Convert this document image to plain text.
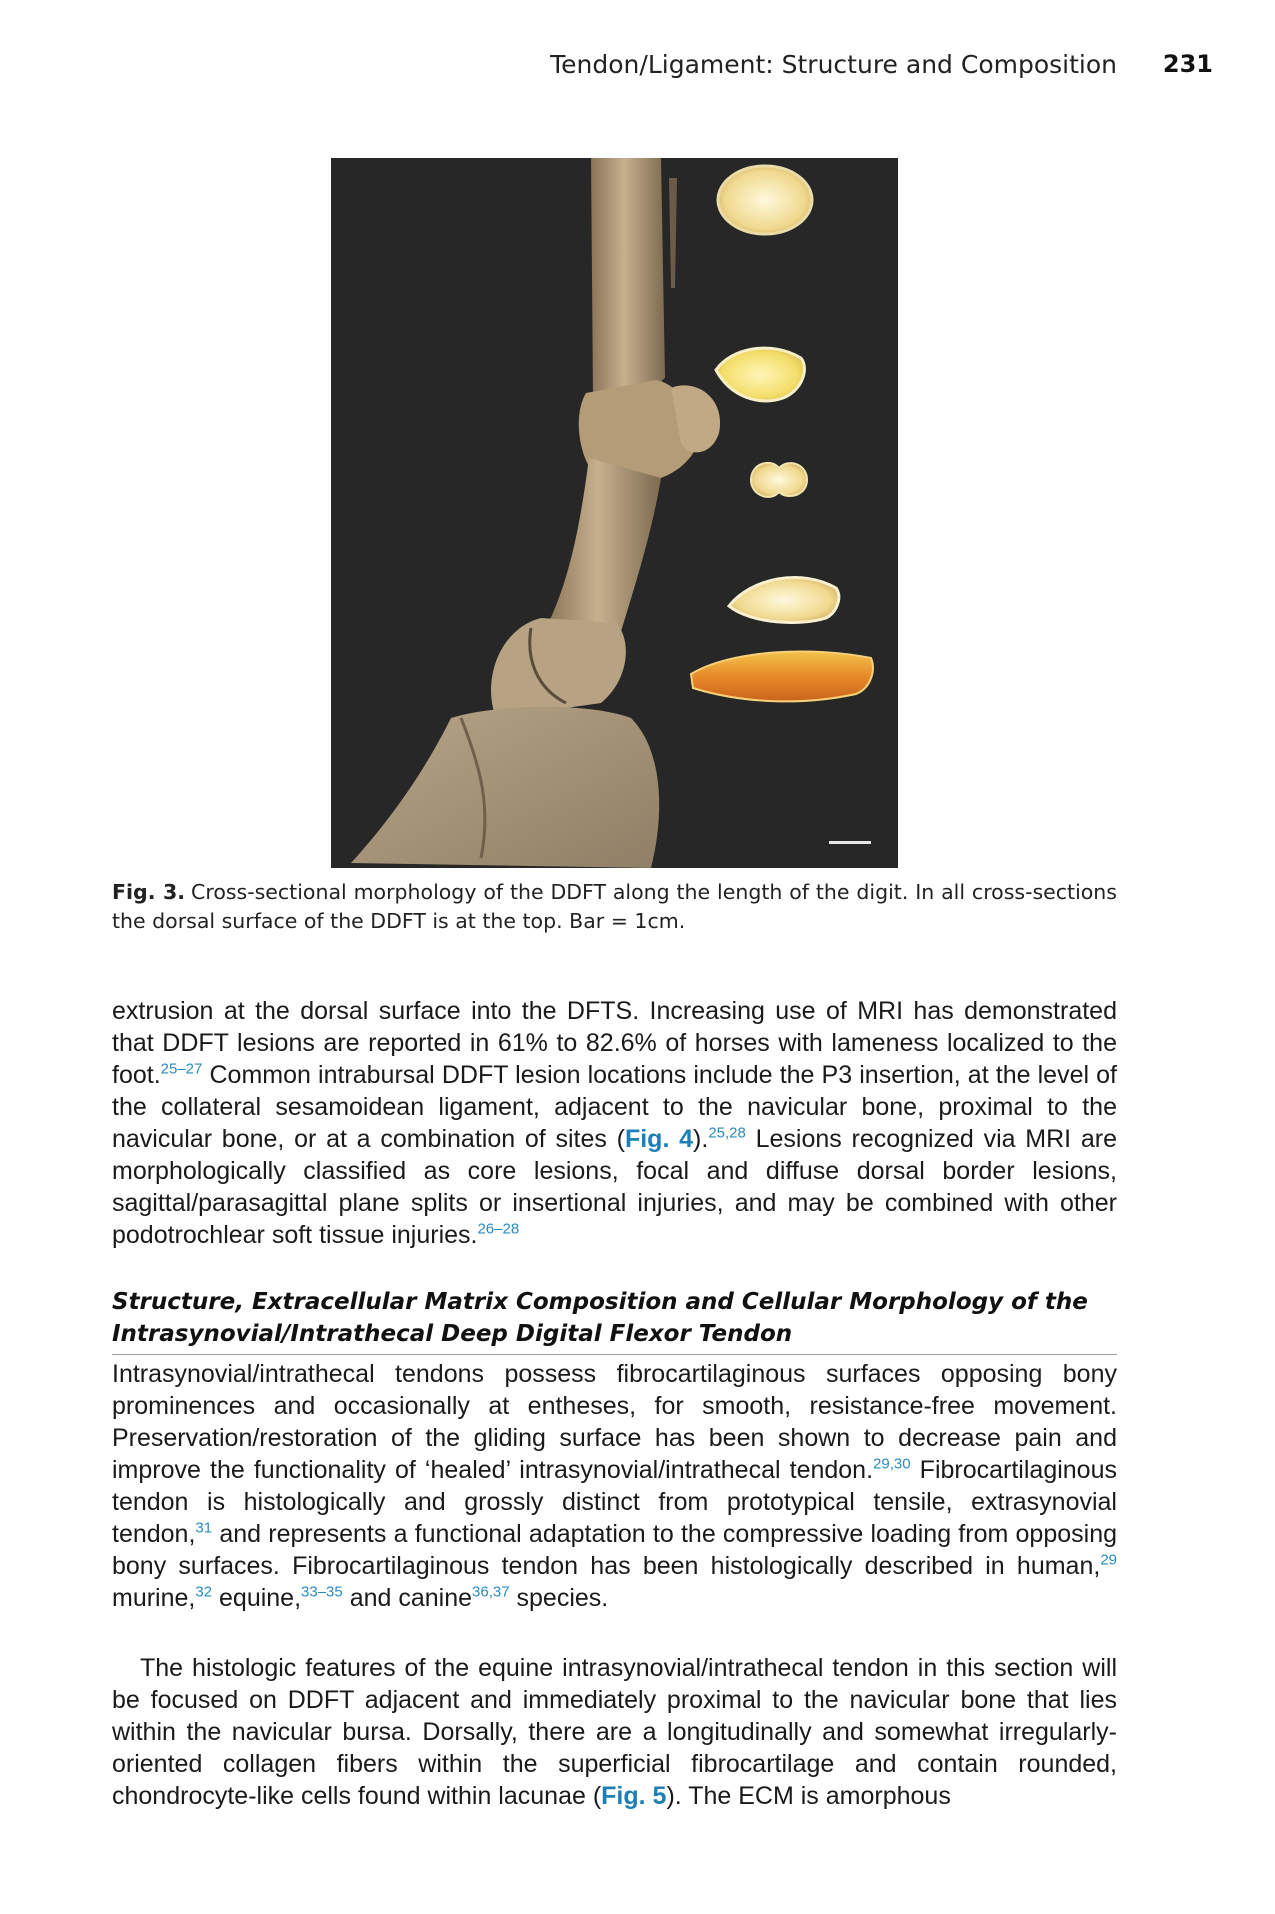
Tendon/Ligament: Structure and Composition 231
Fig. 3. Cross-sectional morphology of the DDFT along the length of the digit. In all cross-sections the dorsal surface of the DDFT is at the top. Bar = 1cm.

extrusion at the dorsal surface into the DFTS. Increasing use of MRI has demonstrated that DDFT lesions are reported in 61% to 82.6% of horses with lameness localized to the foot.$^{25-27}$ Common intrabursal DDFT lesion locations include the P3 insertion, at the level of the collateral sesamoidean ligament, adjacent to the navicular bone, proximal to the navicular bone, or at a combination of sites (Fig. 4).$^{25,28}$ Lesions recognized via MRI are morphologically classified as core lesions, focal and diffuse dorsal border lesions, sagittal/parasagittal plane splits or insertional injuries, and may be combined with other podotrochlear soft tissue injuries.$^{26-28}$

Structure, Extracellular Matrix Composition and Cellular Morphology of the Intrasynovial/Intrathecal Deep Digital Flexor Tendon

Intrasynovial/intrathecal tendons possess fibrocartilaginous surfaces opposing bony prominences and occasionally at entheses, for smooth, resistance-free movement. Preservation/restoration of the gliding surface has been shown to decrease pain and improve the functionality of ‘healed’ intrasynovial/intrathecal tendon.$^{29,30}$ Fibrocartilaginous tendon is histologically and grossly distinct from prototypical tensile, extrasynovial tendon,$^{31}$ and represents a functional adaptation to the compressive loading from opposing bony surfaces. Fibrocartilaginous tendon has been histologically described in human,$^{29}$ murine,$^{32}$ equine,$^{33-35}$ and canine$^{36,37}$ species.

The histologic features of the equine intrasynovial/intrathecal tendon in this section will be focused on DDFT adjacent and immediately proximal to the navicular bone that lies within the navicular bursa. Dorsally, there are a longitudinally and somewhat irregularly-oriented collagen fibers within the superficial fibrocartilage and contain rounded, chondrocyte-like cells found within lacunae (Fig. 5). The ECM is amorphous
